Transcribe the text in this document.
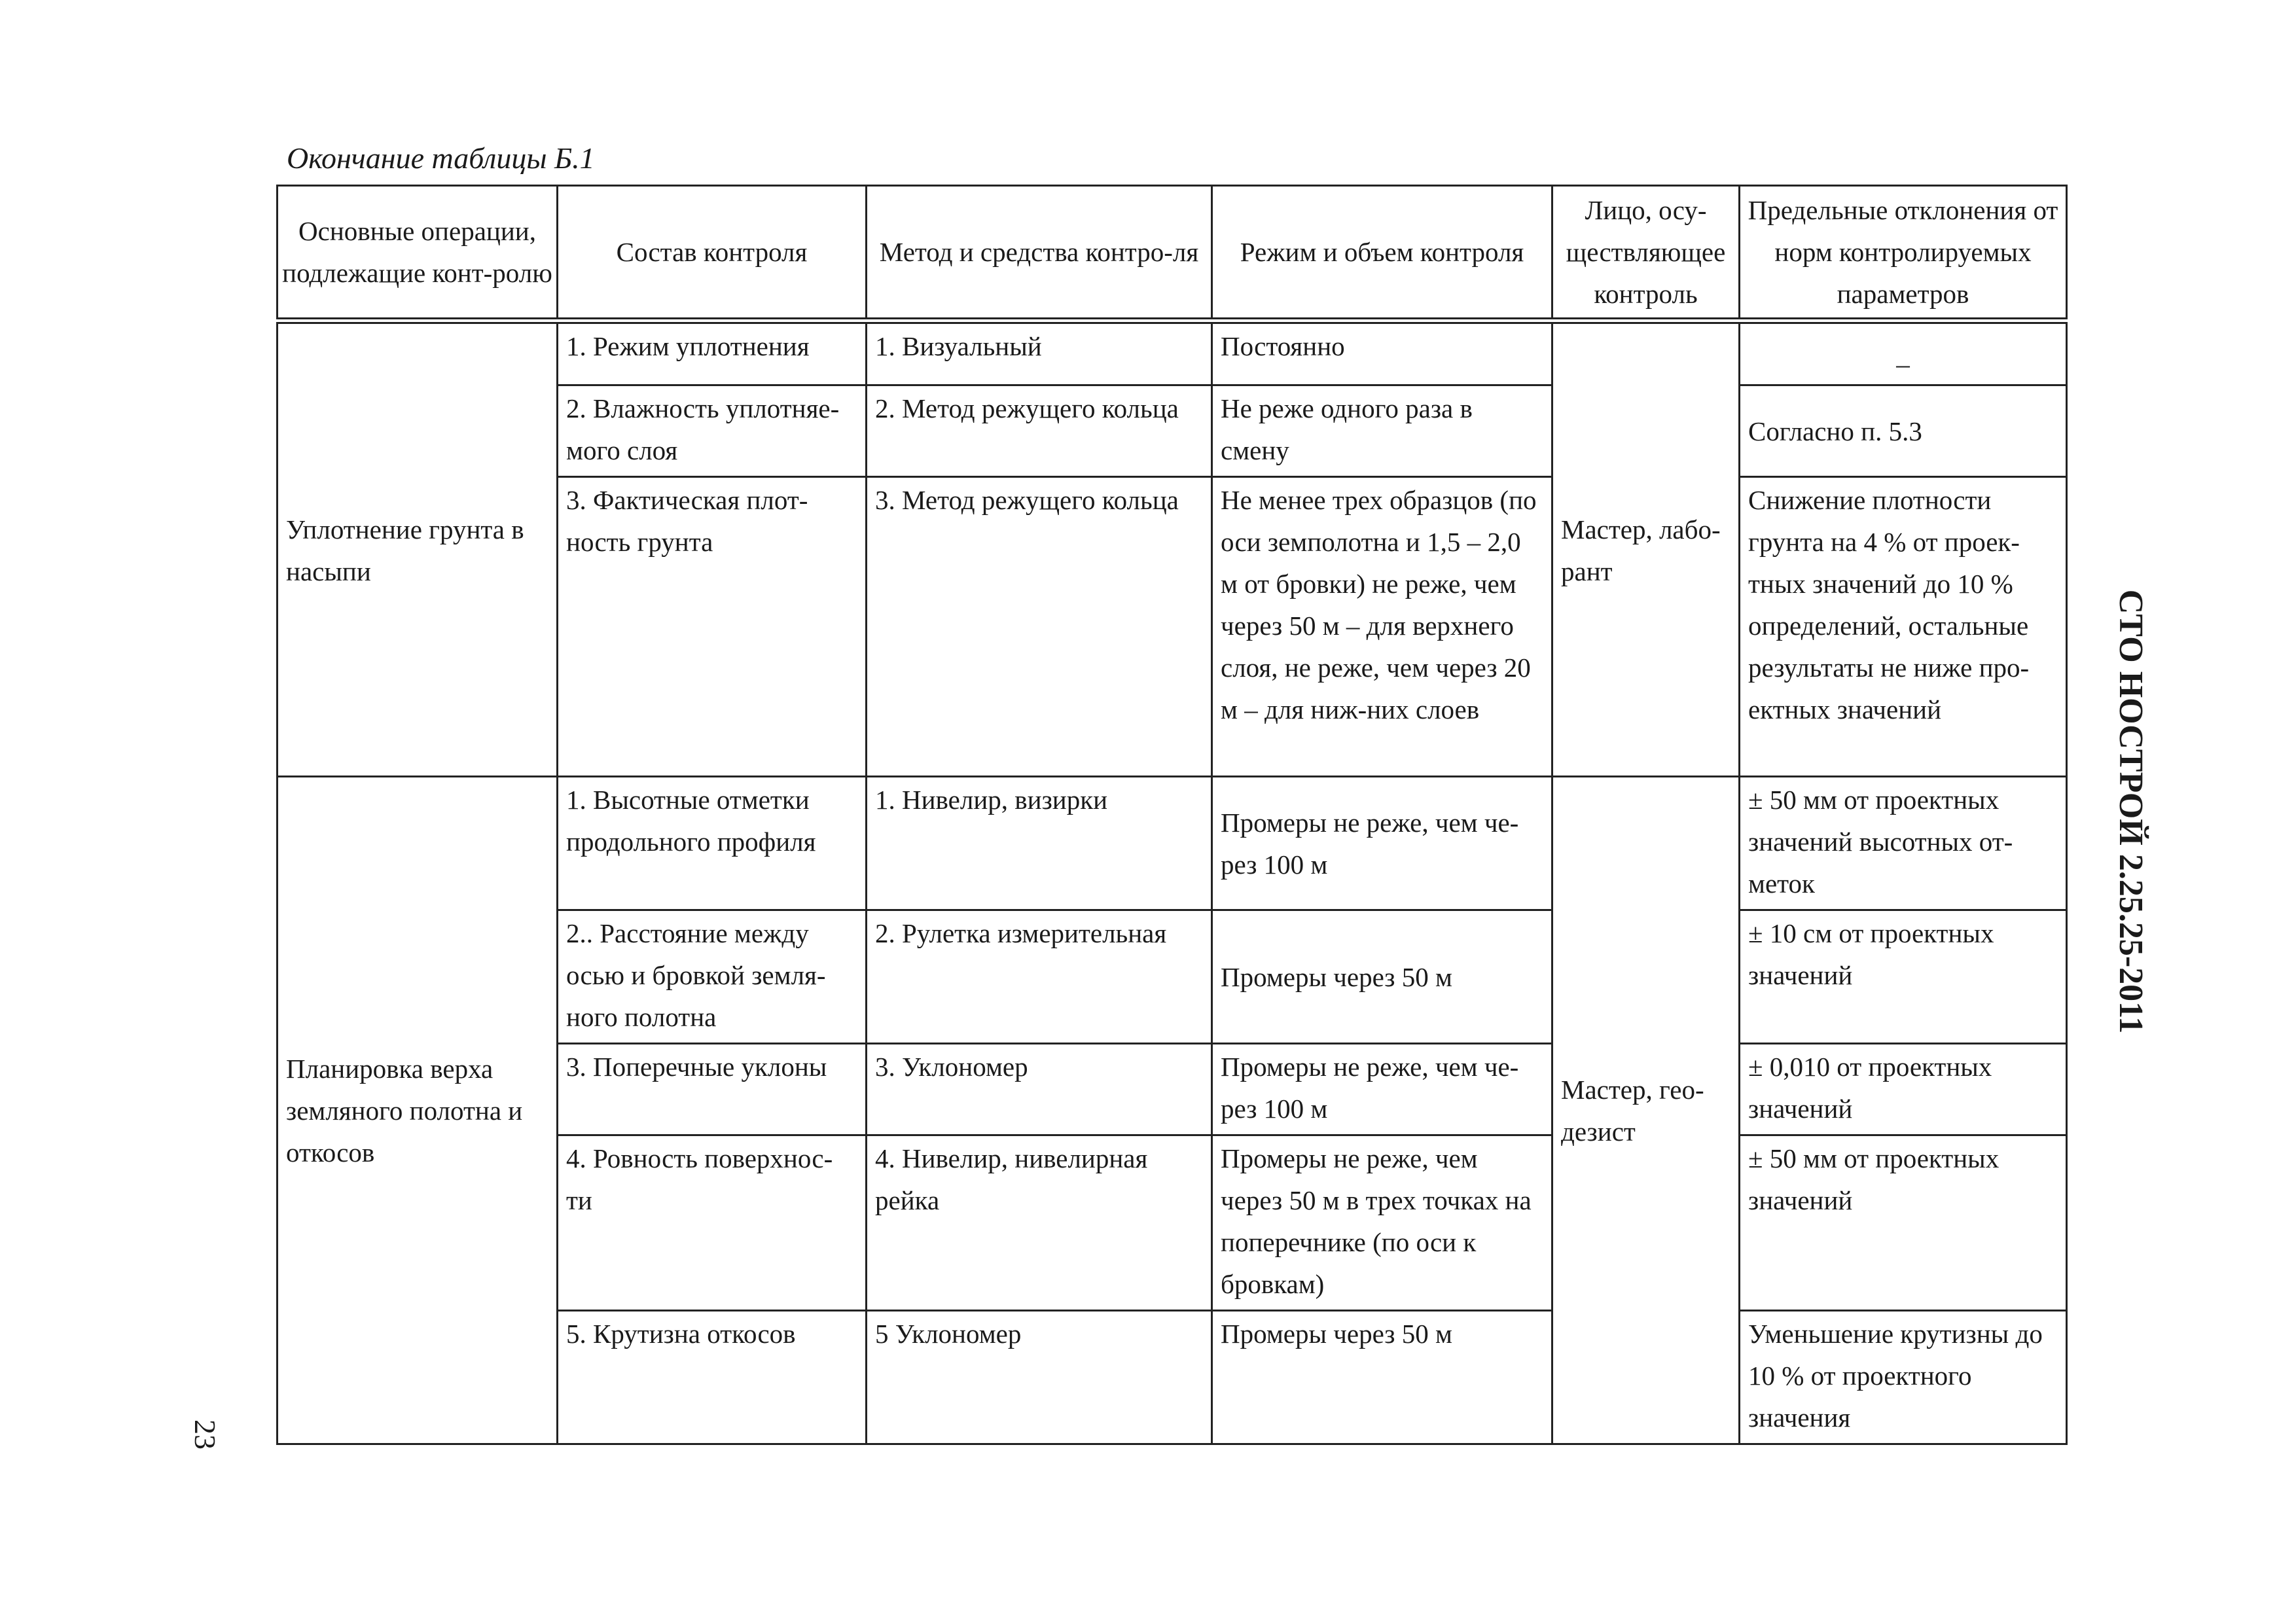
Окончание таблицы Б.1
Основные операции, подлежащие конт-ролю	Состав контроля	Метод и средства контро-ля	Режим и объем контроля	Лицо, осу-ществляющее контроль	Предельные отклонения от норм контролируемых параметров
Уплотнение грунта в насыпи	1. Режим уплотнения	1. Визуальный	Постоянно	Мастер, лабо-рант	_
	2. Влажность уплотняе-мого слоя	2. Метод режущего кольца	Не реже одного раза в смену		Согласно п. 5.3
	3. Фактическая плот-ность грунта	3. Метод режущего кольца	Не менее трех образцов (по оси земполотна и 1,5 – 2,0 м от бровки) не реже, чем через 50 м – для верхнего слоя, не реже, чем через 20 м – для ниж-них слоев		Снижение плотности грунта на 4 % от проек-тных значений до 10 % определений, остальные результаты не ниже про-ектных значений
Планировка верха земляного полотна и откосов	1. Высотные отметки продольного профиля	1. Нивелир, визирки	Промеры не реже, чем че-рез 100 м	Мастер, гео-дезист	± 50 мм от проектных значений высотных от-меток
	2.. Расстояние между осью и бровкой земля-ного полотна	2. Рулетка измерительная	Промеры через 50 м		± 10 см от проектных значений
	3. Поперечные уклоны	3. Уклономер	Промеры не реже, чем че-рез 100 м		± 0,010 от проектных значений
	4. Ровность поверхнос-ти	4. Нивелир, нивелирная рейка	Промеры не реже, чем через 50 м в трех точках на поперечнике (по оси к бровкам)		± 50 мм от проектных значений
	5. Крутизна откосов	5 Уклономер	Промеры через 50 м		Уменьшение крутизны до 10 % от проектного значения
СТО НОСТРОЙ 2.25.25-2011
23
